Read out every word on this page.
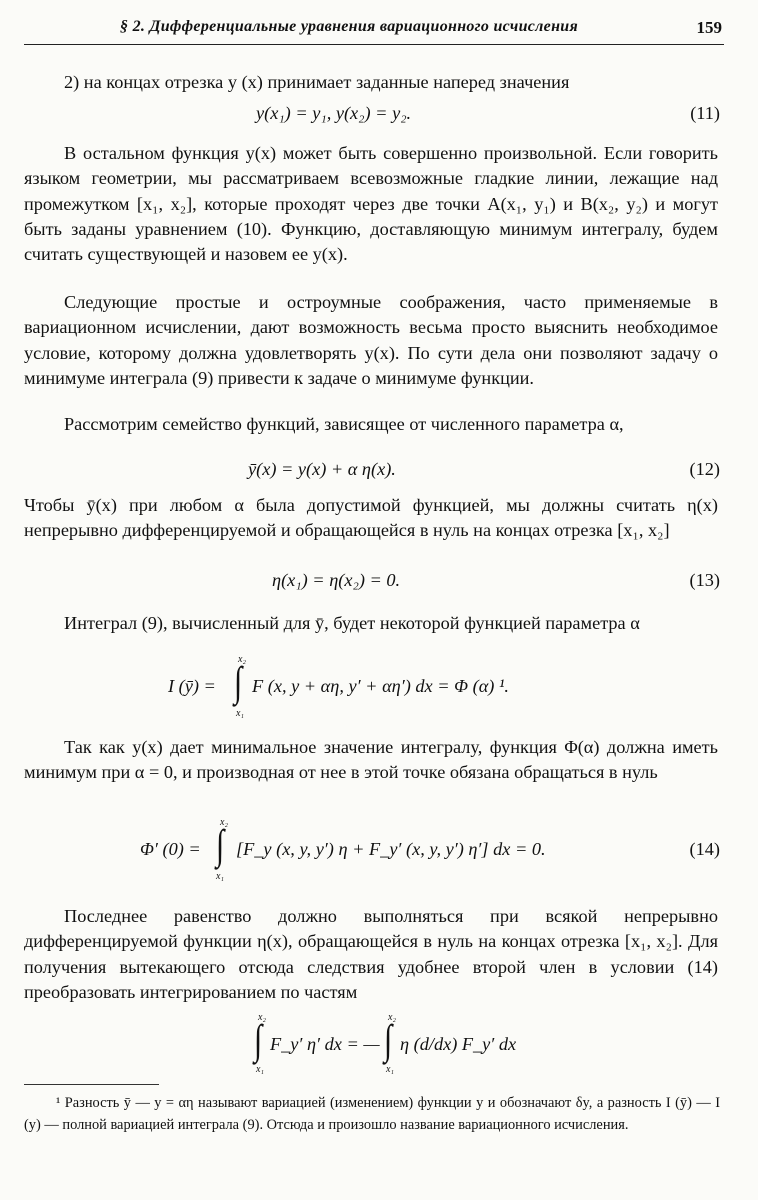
§ 2. Дифференциальные уравнения вариационного исчисления	159

2) на концах отрезка y (x) принимает заданные наперед значения

y(x₁) = y₁, y(x₂) = y₂.	(11)

В остальном функция y(x) может быть совершенно произвольной. Если говорить языком геометрии, мы рассматриваем всевозможные гладкие линии, лежащие над промежутком [x₁, x₂], которые проходят через две точки A(x₁, y₁) и B(x₂, y₂) и могут быть заданы уравнением (10). Функцию, доставляющую минимум интегралу, будем считать существующей и назовем ее y(x).

Следующие простые и остроумные соображения, часто применяемые в вариационном исчислении, дают возможность весьма просто выяснить необходимое условие, которому должна удовлетворять y(x). По сути дела они позволяют задачу о минимуме интеграла (9) привести к задаче о минимуме функции.

Рассмотрим семейство функций, зависящее от численного параметра α,

ȳ(x) = y(x) + α η(x).	(12)

Чтобы ȳ(x) при любом α была допустимой функцией, мы должны считать η(x) непрерывно дифференцируемой и обращающейся в нуль на концах отрезка [x₁, x₂]

η(x₁) = η(x₂) = 0.	(13)

Интеграл (9), вычисленный для ȳ, будет некоторой функцией параметра α

I (ȳ) =
x₂
∫
x₁
F (x, y + αη, y′ + αη′) dx = Φ (α) ¹.

Так как y(x) дает минимальное значение интегралу, функция Φ(α) должна иметь минимум при α = 0, и производная от нее в этой точке обязана обращаться в нуль

Φ′ (0) =
x₂
∫
x₁
[F_y (x, y, y′) η + F_y′ (x, y, y′) η′] dx = 0.	(14)

Последнее равенство должно выполняться при всякой непрерывно дифференцируемой функции η(x), обращающейся в нуль на концах отрезка [x₁, x₂]. Для получения вытекающего отсюда следствия удобнее второй член в условии (14) преобразовать интегрированием по частям

x₂
∫
x₁
F_y′ η′ dx = —
x₂
∫
x₁
η (d/dx) F_y′ dx

¹ Разность ȳ — y = αη называют вариацией (изменением) функции y и обозначают δy, а разность I (ȳ) — I (y) — полной вариацией интеграла (9). Отсюда и произошло название вариационного исчисления.
